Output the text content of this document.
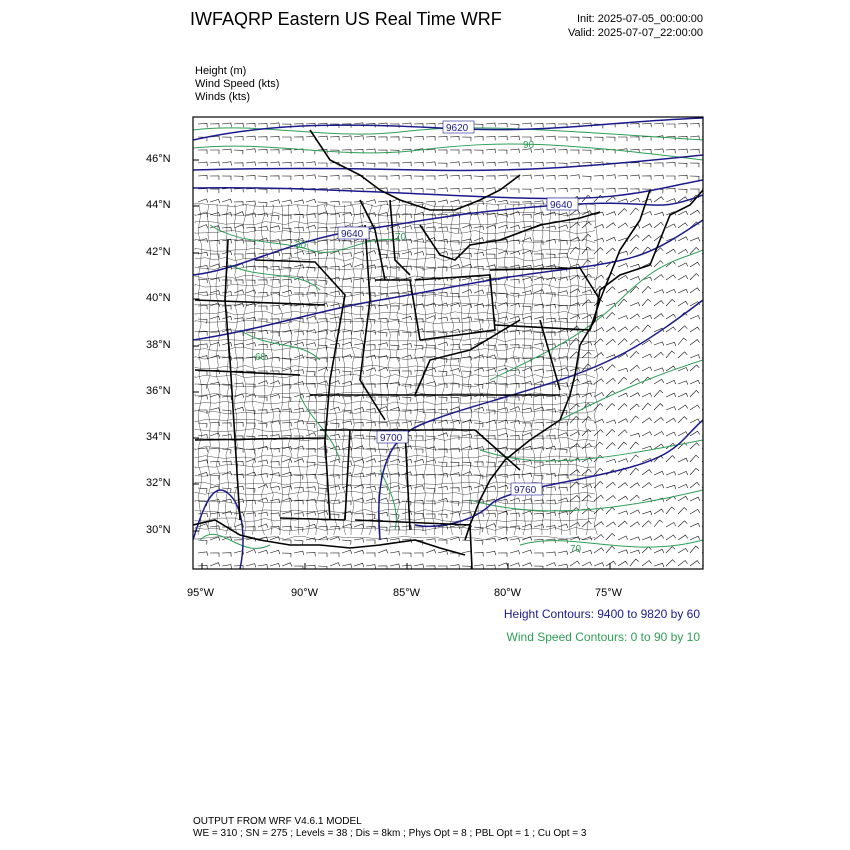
IWFAQRP Eastern US Real Time WRF	Init: 2025-07-05_00:00:00
Valid: 2025-07-07_22:00:00
Height (m)
Wind Speed (kts)
Winds (kts)
9620
9640
9640
9700
9760
90
70
30
60
70
46°N
44°N
42°N
40°N
38°N
36°N
34°N
32°N
30°N
95°W	90°W	85°W	80°W	75°W
Height Contours: 9400 to 9820 by 60
Wind Speed Contours: 0 to 90 by 10
OUTPUT FROM WRF V4.6.1 MODEL
WE = 310 ; SN = 275 ; Levels = 38 ; Dis = 8km ; Phys Opt = 8 ; PBL Opt = 1 ; Cu Opt = 3
